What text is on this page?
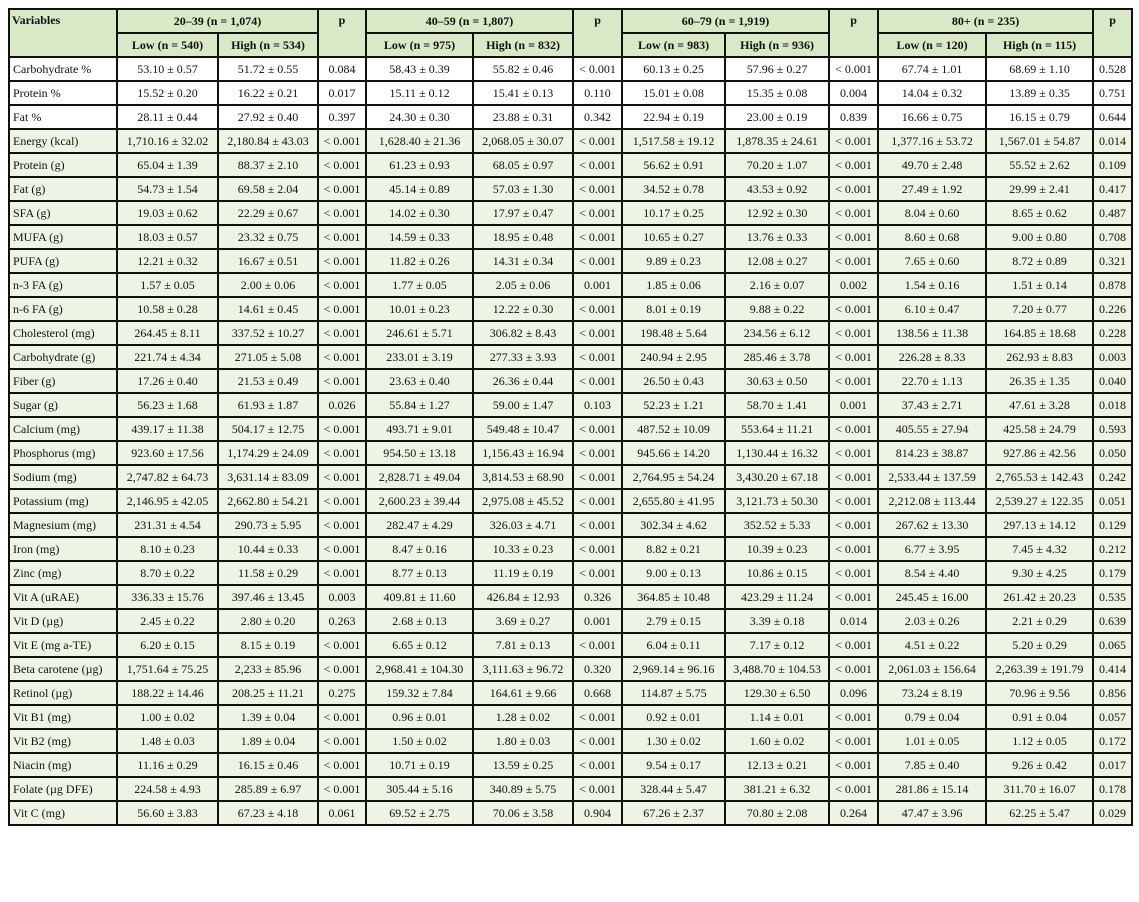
Variables	20–39 (n = 1,074)		p	40–59 (n = 1,807)		p	60–79 (n = 1,919)		p	80+ (n = 235)		p
	Low (n = 540)	High (n = 534)		Low (n = 975)	High (n = 832)		Low (n = 983)	High (n = 936)		Low (n = 120)	High (n = 115)	
Carbohydrate %	53.10 ± 0.57	51.72 ± 0.55	0.084	58.43 ± 0.39	55.82 ± 0.46	< 0.001	60.13 ± 0.25	57.96 ± 0.27	< 0.001	67.74 ± 1.01	68.69 ± 1.10	0.528
Protein %	15.52 ± 0.20	16.22 ± 0.21	0.017	15.11 ± 0.12	15.41 ± 0.13	0.110	15.01 ± 0.08	15.35 ± 0.08	0.004	14.04 ± 0.32	13.89 ± 0.35	0.751
Fat %	28.11 ± 0.44	27.92 ± 0.40	0.397	24.30 ± 0.30	23.88 ± 0.31	0.342	22.94 ± 0.19	23.00 ± 0.19	0.839	16.66 ± 0.75	16.15 ± 0.79	0.644
Energy (kcal)	1,710.16 ± 32.02	2,180.84 ± 43.03	< 0.001	1,628.40 ± 21.36	2,068.05 ± 30.07	< 0.001	1,517.58 ± 19.12	1,878.35 ± 24.61	< 0.001	1,377.16 ± 53.72	1,567.01 ± 54.87	0.014
Protein (g)	65.04 ± 1.39	88.37 ± 2.10	< 0.001	61.23 ± 0.93	68.05 ± 0.97	< 0.001	56.62 ± 0.91	70.20 ± 1.07	< 0.001	49.70 ± 2.48	55.52 ± 2.62	0.109
Fat (g)	54.73 ± 1.54	69.58 ± 2.04	< 0.001	45.14 ± 0.89	57.03 ± 1.30	< 0.001	34.52 ± 0.78	43.53 ± 0.92	< 0.001	27.49 ± 1.92	29.99 ± 2.41	0.417
SFA (g)	19.03 ± 0.62	22.29 ± 0.67	< 0.001	14.02 ± 0.30	17.97 ± 0.47	< 0.001	10.17 ± 0.25	12.92 ± 0.30	< 0.001	8.04 ± 0.60	8.65 ± 0.62	0.487
MUFA (g)	18.03 ± 0.57	23.32 ± 0.75	< 0.001	14.59 ± 0.33	18.95 ± 0.48	< 0.001	10.65 ± 0.27	13.76 ± 0.33	< 0.001	8.60 ± 0.68	9.00 ± 0.80	0.708
PUFA (g)	12.21 ± 0.32	16.67 ± 0.51	< 0.001	11.82 ± 0.26	14.31 ± 0.34	< 0.001	9.89 ± 0.23	12.08 ± 0.27	< 0.001	7.65 ± 0.60	8.72 ± 0.89	0.321
n-3 FA (g)	1.57 ± 0.05	2.00 ± 0.06	< 0.001	1.77 ± 0.05	2.05 ± 0.06	0.001	1.85 ± 0.06	2.16 ± 0.07	0.002	1.54 ± 0.16	1.51 ± 0.14	0.878
n-6 FA (g)	10.58 ± 0.28	14.61 ± 0.45	< 0.001	10.01 ± 0.23	12.22 ± 0.30	< 0.001	8.01 ± 0.19	9.88 ± 0.22	< 0.001	6.10 ± 0.47	7.20 ± 0.77	0.226
Cholesterol (mg)	264.45 ± 8.11	337.52 ± 10.27	< 0.001	246.61 ± 5.71	306.82 ± 8.43	< 0.001	198.48 ± 5.64	234.56 ± 6.12	< 0.001	138.56 ± 11.38	164.85 ± 18.68	0.228
Carbohydrate (g)	221.74 ± 4.34	271.05 ± 5.08	< 0.001	233.01 ± 3.19	277.33 ± 3.93	< 0.001	240.94 ± 2.95	285.46 ± 3.78	< 0.001	226.28 ± 8.33	262.93 ± 8.83	0.003
Fiber (g)	17.26 ± 0.40	21.53 ± 0.49	< 0.001	23.63 ± 0.40	26.36 ± 0.44	< 0.001	26.50 ± 0.43	30.63 ± 0.50	< 0.001	22.70 ± 1.13	26.35 ± 1.35	0.040
Sugar (g)	56.23 ± 1.68	61.93 ± 1.87	0.026	55.84 ± 1.27	59.00 ± 1.47	0.103	52.23 ± 1.21	58.70 ± 1.41	0.001	37.43 ± 2.71	47.61 ± 3.28	0.018
Calcium (mg)	439.17 ± 11.38	504.17 ± 12.75	< 0.001	493.71 ± 9.01	549.48 ± 10.47	< 0.001	487.52 ± 10.09	553.64 ± 11.21	< 0.001	405.55 ± 27.94	425.58 ± 24.79	0.593
Phosphorus (mg)	923.60 ± 17.56	1,174.29 ± 24.09	< 0.001	954.50 ± 13.18	1,156.43 ± 16.94	< 0.001	945.66 ± 14.20	1,130.44 ± 16.32	< 0.001	814.23 ± 38.87	927.86 ± 42.56	0.050
Sodium (mg)	2,747.82 ± 64.73	3,631.14 ± 83.09	< 0.001	2,828.71 ± 49.04	3,814.53 ± 68.90	< 0.001	2,764.95 ± 54.24	3,430.20 ± 67.18	< 0.001	2,533.44 ± 137.59	2,765.53 ± 142.43	0.242
Potassium (mg)	2,146.95 ± 42.05	2,662.80 ± 54.21	< 0.001	2,600.23 ± 39.44	2,975.08 ± 45.52	< 0.001	2,655.80 ± 41.95	3,121.73 ± 50.30	< 0.001	2,212.08 ± 113.44	2,539.27 ± 122.35	0.051
Magnesium (mg)	231.31 ± 4.54	290.73 ± 5.95	< 0.001	282.47 ± 4.29	326.03 ± 4.71	< 0.001	302.34 ± 4.62	352.52 ± 5.33	< 0.001	267.62 ± 13.30	297.13 ± 14.12	0.129
Iron (mg)	8.10 ± 0.23	10.44 ± 0.33	< 0.001	8.47 ± 0.16	10.33 ± 0.23	< 0.001	8.82 ± 0.21	10.39 ± 0.23	< 0.001	6.77 ± 3.95	7.45 ± 4.32	0.212
Zinc (mg)	8.70 ± 0.22	11.58 ± 0.29	< 0.001	8.77 ± 0.13	11.19 ± 0.19	< 0.001	9.00 ± 0.13	10.86 ± 0.15	< 0.001	8.54 ± 4.40	9.30 ± 4.25	0.179
Vit A (uRAE)	336.33 ± 15.76	397.46 ± 13.45	0.003	409.81 ± 11.60	426.84 ± 12.93	0.326	364.85 ± 10.48	423.29 ± 11.24	< 0.001	245.45 ± 16.00	261.42 ± 20.23	0.535
Vit D (µg)	2.45 ± 0.22	2.80 ± 0.20	0.263	2.68 ± 0.13	3.69 ± 0.27	0.001	2.79 ± 0.15	3.39 ± 0.18	0.014	2.03 ± 0.26	2.21 ± 0.29	0.639
Vit E (mg a-TE)	6.20 ± 0.15	8.15 ± 0.19	< 0.001	6.65 ± 0.12	7.81 ± 0.13	< 0.001	6.04 ± 0.11	7.17 ± 0.12	< 0.001	4.51 ± 0.22	5.20 ± 0.29	0.065
Beta carotene (µg)	1,751.64 ± 75.25	2,233 ± 85.96	< 0.001	2,968.41 ± 104.30	3,111.63 ± 96.72	0.320	2,969.14 ± 96.16	3,488.70 ± 104.53	< 0.001	2,061.03 ± 156.64	2,263.39 ± 191.79	0.414
Retinol (µg)	188.22 ± 14.46	208.25 ± 11.21	0.275	159.32 ± 7.84	164.61 ± 9.66	0.668	114.87 ± 5.75	129.30 ± 6.50	0.096	73.24 ± 8.19	70.96 ± 9.56	0.856
Vit B1 (mg)	1.00 ± 0.02	1.39 ± 0.04	< 0.001	0.96 ± 0.01	1.28 ± 0.02	< 0.001	0.92 ± 0.01	1.14 ± 0.01	< 0.001	0.79 ± 0.04	0.91 ± 0.04	0.057
Vit B2 (mg)	1.48 ± 0.03	1.89 ± 0.04	< 0.001	1.50 ± 0.02	1.80 ± 0.03	< 0.001	1.30 ± 0.02	1.60 ± 0.02	< 0.001	1.01 ± 0.05	1.12 ± 0.05	0.172
Niacin (mg)	11.16 ± 0.29	16.15 ± 0.46	< 0.001	10.71 ± 0.19	13.59 ± 0.25	< 0.001	9.54 ± 0.17	12.13 ± 0.21	< 0.001	7.85 ± 0.40	9.26 ± 0.42	0.017
Folate (µg DFE)	224.58 ± 4.93	285.89 ± 6.97	< 0.001	305.44 ± 5.16	340.89 ± 5.75	< 0.001	328.44 ± 5.47	381.21 ± 6.32	< 0.001	281.86 ± 15.14	311.70 ± 16.07	0.178
Vit C (mg)	56.60 ± 3.83	67.23 ± 4.18	0.061	69.52 ± 2.75	70.06 ± 3.58	0.904	67.26 ± 2.37	70.80 ± 2.08	0.264	47.47 ± 3.96	62.25 ± 5.47	0.029
